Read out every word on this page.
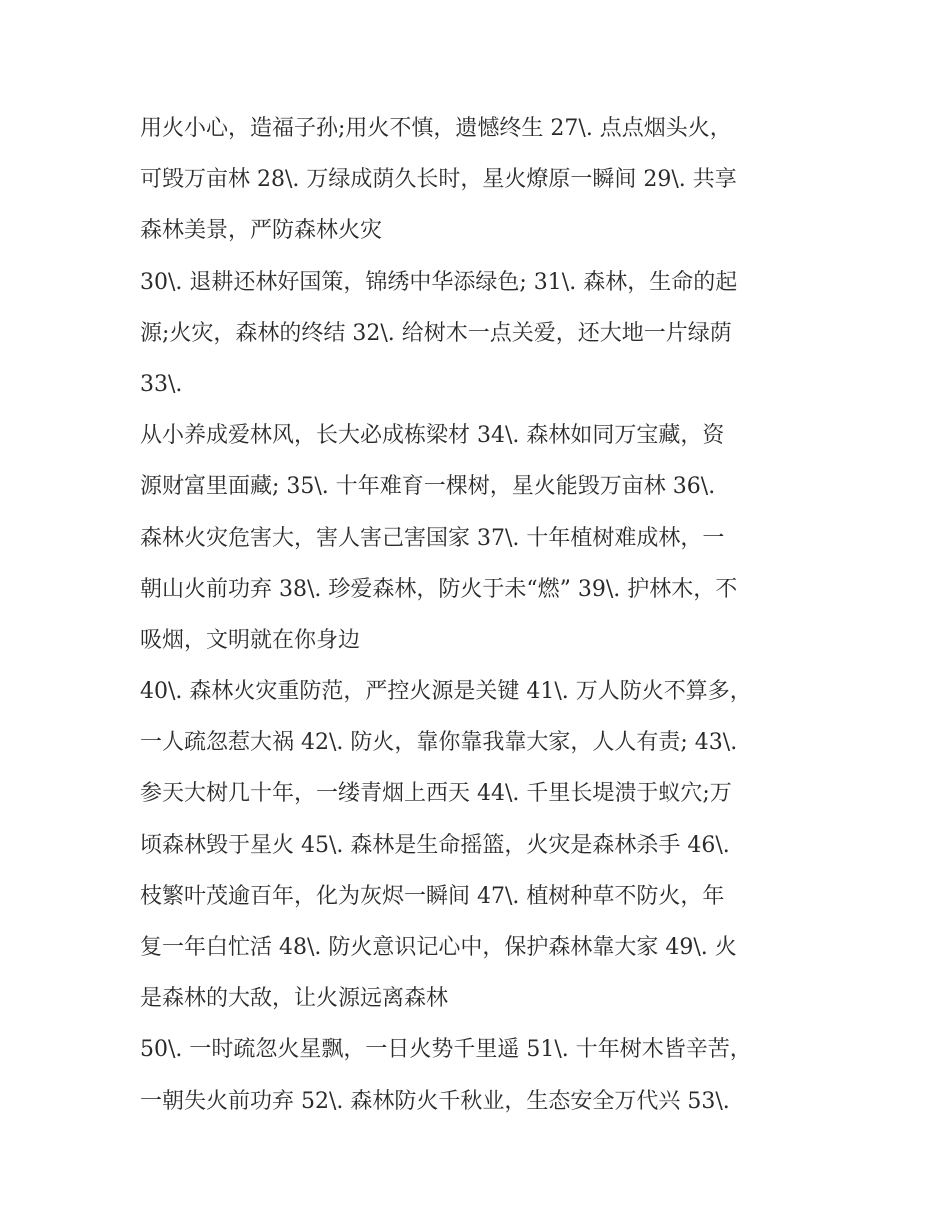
用火小心，造福子孙;用火不慎，遗憾终生 27\. 点点烟头火，
可毁万亩林 28\. 万绿成荫久长时，星火燎原一瞬间 29\. 共享
森林美景，严防森林火灾
30\. 退耕还林好国策，锦绣中华添绿色; 31\. 森林，生命的起
源;火灾，森林的终结 32\. 给树木一点关爱，还大地一片绿荫
33\.
从小养成爱林风，长大必成栋梁材 34\. 森林如同万宝藏，资
源财富里面藏; 35\. 十年难育一棵树，星火能毁万亩林 36\.
森林火灾危害大，害人害己害国家 37\. 十年植树难成林，一
朝山火前功弃 38\. 珍爱森林，防火于未“燃” 39\. 护林木，不
吸烟，文明就在你身边
40\. 森林火灾重防范，严控火源是关键 41\. 万人防火不算多，
一人疏忽惹大祸 42\. 防火，靠你靠我靠大家，人人有责; 43\.
参天大树几十年，一缕青烟上西天 44\. 千里长堤溃于蚁穴;万
顷森林毁于星火 45\. 森林是生命摇篮，火灾是森林杀手 46\.
枝繁叶茂逾百年，化为灰烬一瞬间 47\. 植树种草不防火，年
复一年白忙活 48\. 防火意识记心中，保护森林靠大家 49\. 火
是森林的大敌，让火源远离森林
50\. 一时疏忽火星飘，一日火势千里遥 51\. 十年树木皆辛苦，
一朝失火前功弃 52\. 森林防火千秋业，生态安全万代兴 53\.
